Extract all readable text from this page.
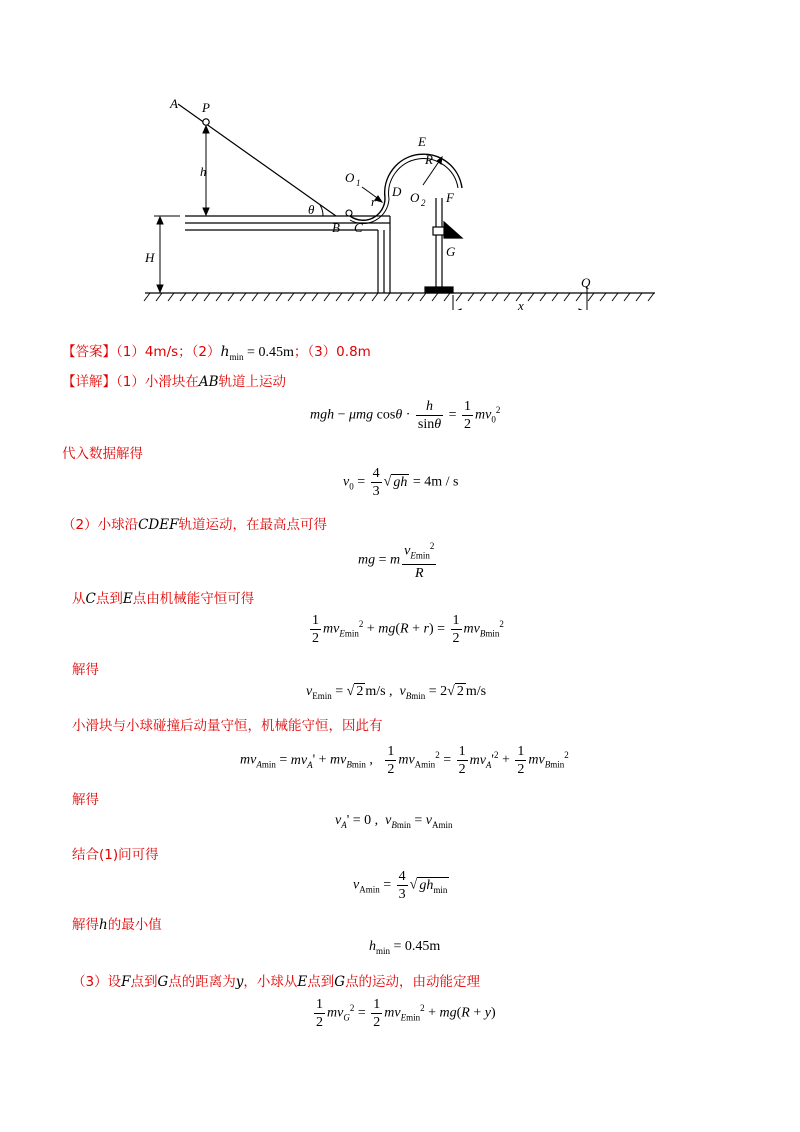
A P
h
H
θ
B C
O 1
r
D
E
R
O 2 F
G
Q
x
【答案】（1）4m/s；$(2)h_{min} = 0.45m$；（3）0.8m
【详解】（1）小滑块在AB轨道上运动
mgh − μmg $\cos\theta \cdot \frac{h}{\sin\theta} = \frac{1}{2} mv_0^2$
代入数据解得
$v_0 = \frac{4}{3}$ √ gh = 4m / s
（2）小球沿CDEF轨道运动，在最高点可得
mg = m $\frac{v_{Emin}^2}{R}$
从C点到E点由机械能守恒可得
$\frac{1}{2} mv_{Emin}^2 + mg(R + r) = \frac{1}{2} mv_{Bmin}^2$
解得
$v_{Emin}$ = √ 2 m/s ,  $v_{Bmin} = 2√$ 2 m/s
小滑块与小球碰撞后动量守恒，机械能守恒，因此有
$mv_{Amin} = mv_A' + mv_{Bmin}$ , $\frac{1}{2} mv_{Amin}^2 = \frac{1}{2} mv_A'^2 + \frac{1}{2} mv_{Bmin}^2$
解得
$v_A' = 0$ ,  $v_{Bmin} = v_{Amin}$
结合(1)问可得
$v_{Amin} = \frac{4}{3}$ √ $gh_{min}$
解得h的最小值
$h_{min} = 0.45m$
（3）设F点到G点的距离为y，小球从E点到G点的运动，由动能定理
$\frac{1}{2} mv_G^2 = \frac{1}{2} mv_{Emin}^2 + mg(R + y)$
